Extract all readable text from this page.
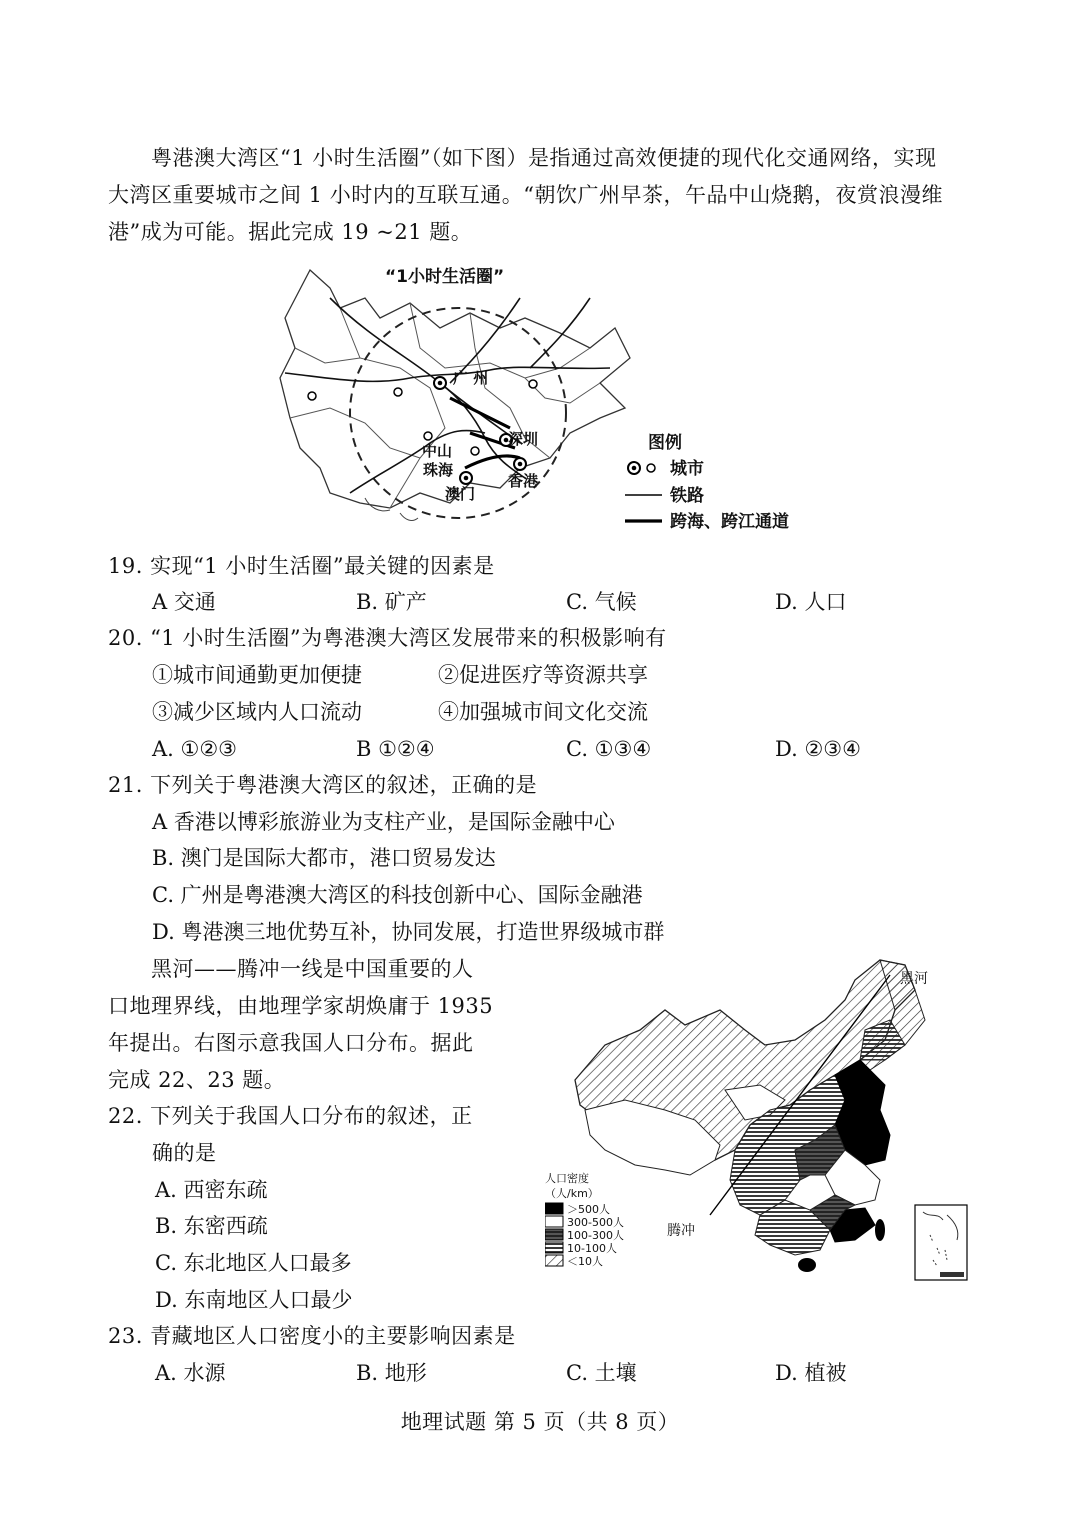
　　粤港澳大湾区“1 小时生活圈”（如下图）是指通过高效便捷的现代化交通网络，实现
大湾区重要城市之间 1 小时内的互联互通。“朝饮广州早茶，午品中山烧鹅，夜赏浪漫维
港”成为可能。据此完成 19 ~21 题。
“1小时生活圈”
广 州
中山
深圳
珠海
澳门
香港
图例
城市
铁路
跨海、跨江通道
19. 实现“1 小时生活圈”最关键的因素是
A 交通	B. 矿产	C. 气候	D. 人口
20. “1 小时生活圈”为粤港澳大湾区发展带来的积极影响有
①城市间通勤更加便捷	②促进医疗等资源共享
③减少区域内人口流动	④加强城市间文化交流
A. ①②③	B ①②④	C. ①③④	D. ②③④
21. 下列关于粤港澳大湾区的叙述，正确的是
A 香港以博彩旅游业为支柱产业，是国际金融中心
B. 澳门是国际大都市，港口贸易发达
C. 广州是粤港澳大湾区的科技创新中心、国际金融港
D. 粤港澳三地优势互补，协同发展，打造世界级城市群
　　黑河——腾冲一线是中国重要的人
口地理界线，由地理学家胡焕庸于 1935
年提出。右图示意我国人口分布。据此
完成 22、23 题。
22. 下列关于我国人口分布的叙述，正
确的是
A. 西密东疏
B. 东密西疏
C. 东北地区人口最多
D. 东南地区人口最少
黑河
腾冲
人口密度
（人/km）
＞500人
300-500人
100-300人
10-100人
＜10人
23. 青藏地区人口密度小的主要影响因素是
A. 水源	B. 地形	C. 土壤	D. 植被
地理试题 第 5 页（共 8 页）
